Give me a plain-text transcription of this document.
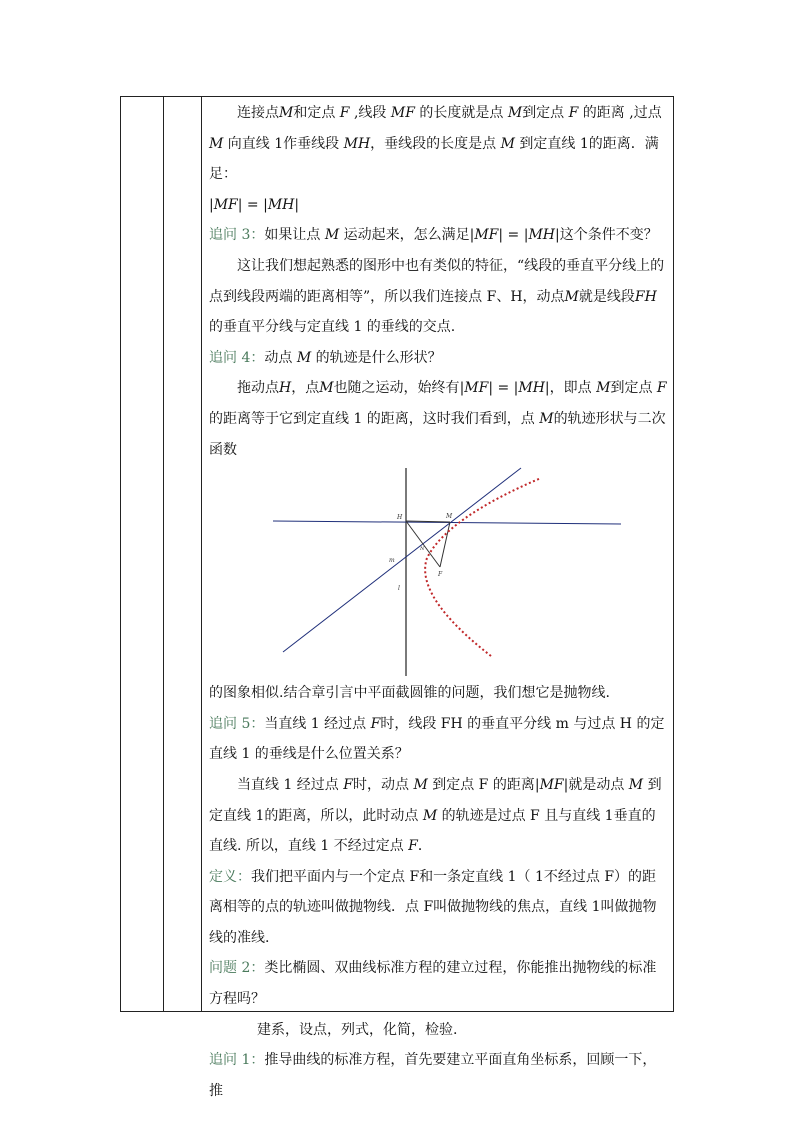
连接点M和定点 F ,线段 MF 的长度就是点 M到定点 F 的距离 ,过点 M 向直线 1作垂线段 MH，垂线段的长度是点 M 到定直线 1的距离．满足：

|MF| = |MH|

追问 3：如果让点 M 运动起来，怎么满足|MF| = |MH|这个条件不变？

这让我们想起熟悉的图形中也有类似的特征，“线段的垂直平分线上的点到线段两端的距离相等”，所以我们连接点 F、H，动点M就是线段FH的垂直平分线与定直线 1 的垂线的交点.

追问 4：动点 M 的轨迹是什么形状？

拖动点H，点M也随之运动，始终有|MF| = |MH|，即点 M到定点 F的距离等于它到定直线 1 的距离，这时我们看到，点 M的轨迹形状与二次函数

H	M
N
F
m
l

的图象相似.结合章引言中平面截圆锥的问题，我们想它是抛物线.

追问 5：当直线 1 经过点 F时，线段 FH 的垂直平分线 m 与过点 H 的定直线 1 的垂线是什么位置关系？

当直线 1 经过点 F时，动点 M 到定点 F 的距离|MF|就是动点 M 到定直线 1的距离，所以，此时动点 M 的轨迹是过点 F 且与直线 1垂直的直线. 所以，直线 1 不经过定点 F．

定义：我们把平面内与一个定点 F和一条定直线 1（ 1不经过点 F）的距离相等的点的轨迹叫做抛物线．点 F叫做抛物线的焦点，直线 1叫做抛物线的准线.

问题 2：类比椭圆、双曲线标准方程的建立过程，你能推出抛物线的标准方程吗？

建系，设点，列式，化简，检验.

追问 1：推导曲线的标准方程，首先要建立平面直角坐标系，回顾一下，推
